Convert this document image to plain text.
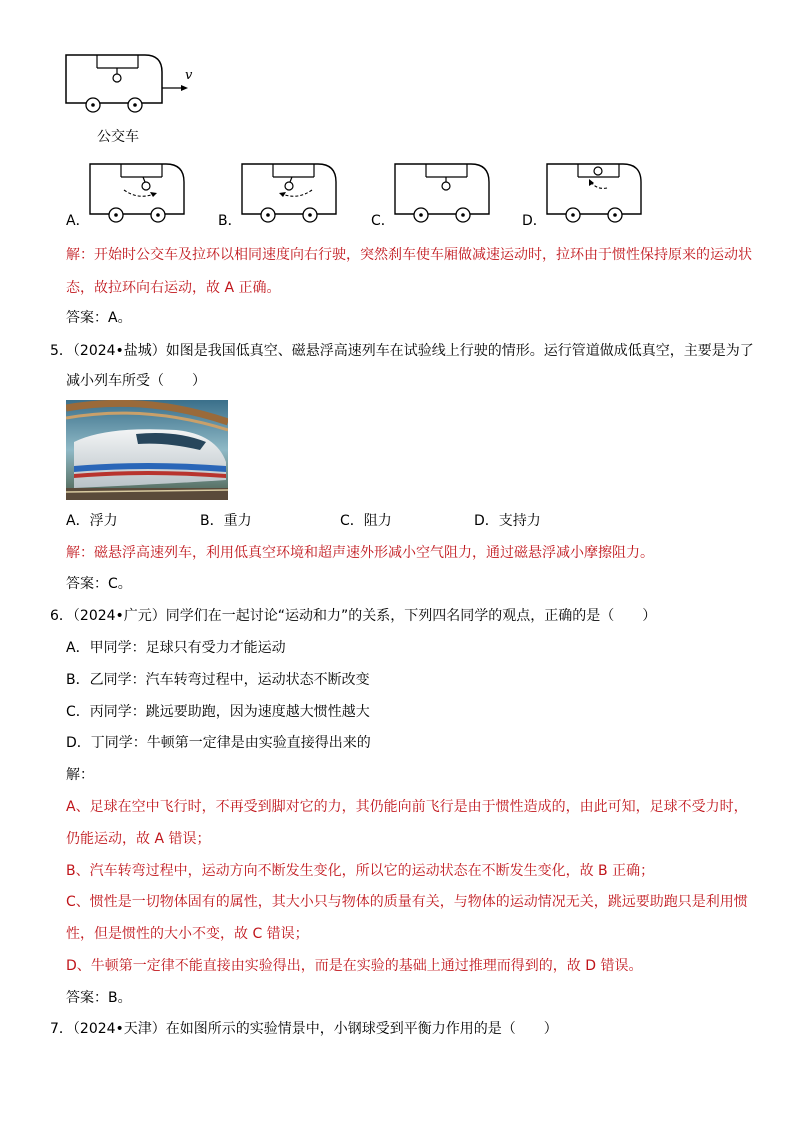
v
公交车
A．	B．	C．	D．
解：开始时公交车及拉环以相同速度向右行驶，突然刹车使车厢做减速运动时，拉环由于惯性保持原来的运动状
态，故拉环向右运动，故 A 正确。
答案：A。
5．（2024•盐城）如图是我国低真空、磁悬浮高速列车在试验线上行驶的情形。运行管道做成低真空，主要是为了
减小列车所受（　　）
A．浮力	B．重力	C．阻力	D．支持力
解：磁悬浮高速列车，利用低真空环境和超声速外形减小空气阻力，通过磁悬浮减小摩擦阻力。
答案：C。
6．（2024•广元）同学们在一起讨论“运动和力”的关系，下列四名同学的观点，正确的是（　　）
A．甲同学：足球只有受力才能运动
B．乙同学：汽车转弯过程中，运动状态不断改变
C．丙同学：跳远要助跑，因为速度越大惯性越大
D．丁同学：牛顿第一定律是由实验直接得出来的
解：
A、足球在空中飞行时，不再受到脚对它的力，其仍能向前飞行是由于惯性造成的，由此可知，足球不受力时，
仍能运动，故 A 错误；
B、汽车转弯过程中，运动方向不断发生变化，所以它的运动状态在不断发生变化，故 B 正确；
C、惯性是一切物体固有的属性，其大小只与物体的质量有关，与物体的运动情况无关，跳远要助跑只是利用惯
性，但是惯性的大小不变，故 C 错误；
D、牛顿第一定律不能直接由实验得出，而是在实验的基础上通过推理而得到的，故 D 错误。
答案：B。
7．（2024•天津）在如图所示的实验情景中，小钢球受到平衡力作用的是（　　）
